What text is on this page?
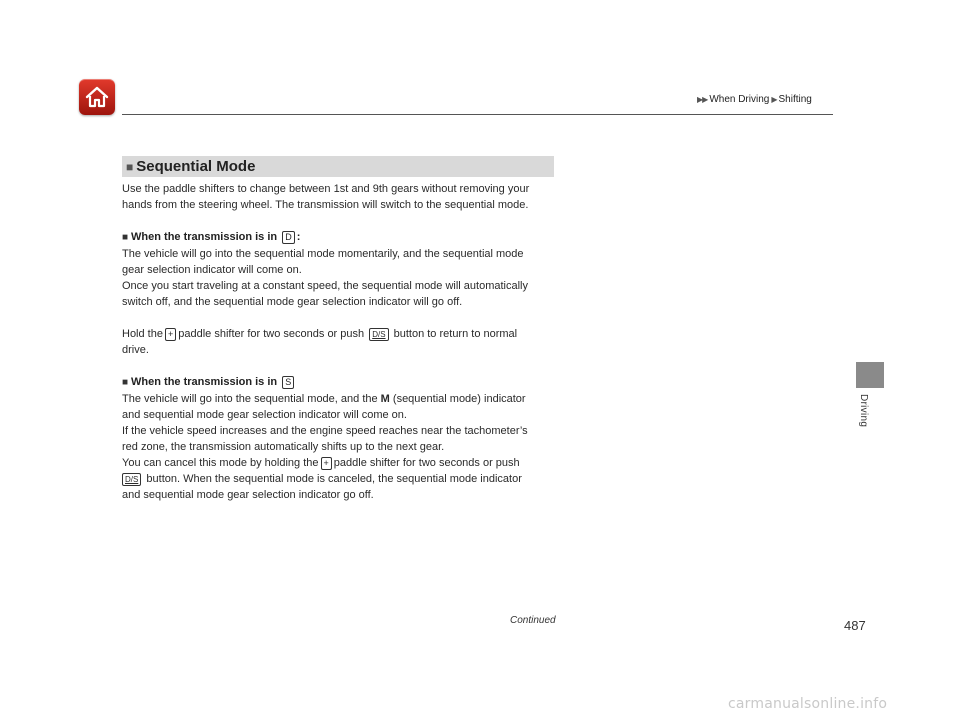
▶▶ When Driving ▶ Shifting
Driving
■ Sequential Mode

Use the paddle shifters to change between 1st and 9th gears without removing your

hands from the steering wheel. The transmission will switch to the sequential mode.

■ When the transmission is in D :

The vehicle will go into the sequential mode momentarily, and the sequential mode

gear selection indicator will come on.

Once you start traveling at a constant speed, the sequential mode will automatically

switch off, and the sequential mode gear selection indicator will go off.

Hold the + paddle shifter for two seconds or push D/S button to return to normal

drive.

■ When the transmission is in S

The vehicle will go into the sequential mode, and the M (sequential mode) indicator

and sequential mode gear selection indicator will come on.

If the vehicle speed increases and the engine speed reaches near the tachometer’s

red zone, the transmission automatically shifts up to the next gear.

You can cancel this mode by holding the + paddle shifter for two seconds or push

D/S button. When the sequential mode is canceled, the sequential mode indicator

and sequential mode gear selection indicator go off.

Continued	487
carmanualsonline.info
